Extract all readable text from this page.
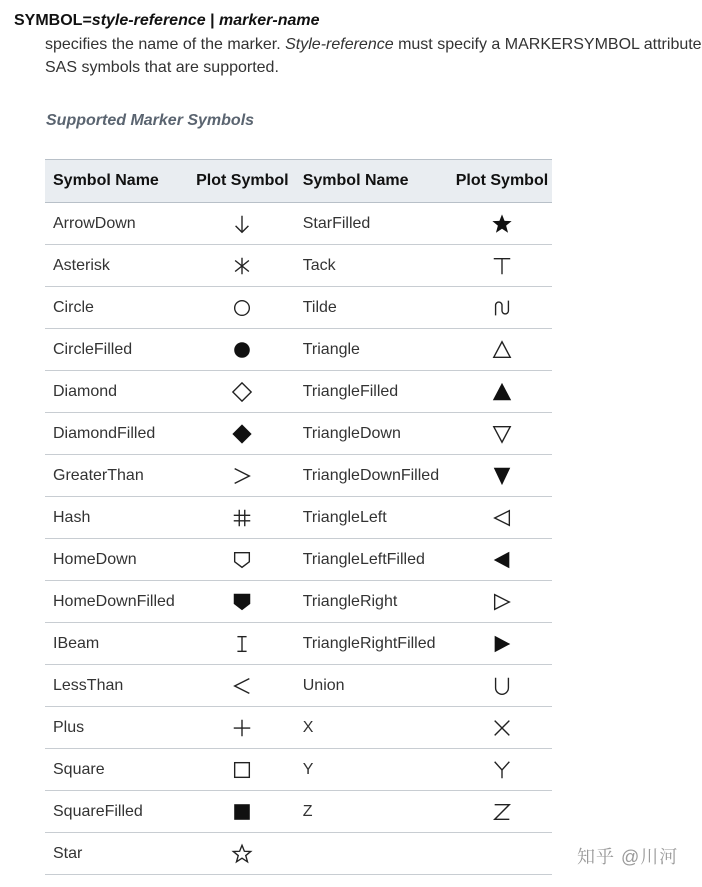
SYMBOL=style-reference | marker-name
specifies the name of the marker. Style-reference must specify a MARKERSYMBOL attribute
SAS symbols that are supported.
Supported Marker Symbols
Symbol Name	Plot Symbol	Symbol Name	Plot Symbol
ArrowDown		StarFilled	

Asterisk		Tack	

Circle		Tilde	

CircleFilled		Triangle	

Diamond		TriangleFilled	

DiamondFilled		TriangleDown	

GreaterThan		TriangleDownFilled	

Hash		TriangleLeft	

HomeDown		TriangleLeftFilled	

HomeDownFilled		TriangleRight	

IBeam		TriangleRightFilled	

LessThan		Union	

Plus		X	

Square		Y	

SquareFilled		Z	

Star	
			知乎 @川河
